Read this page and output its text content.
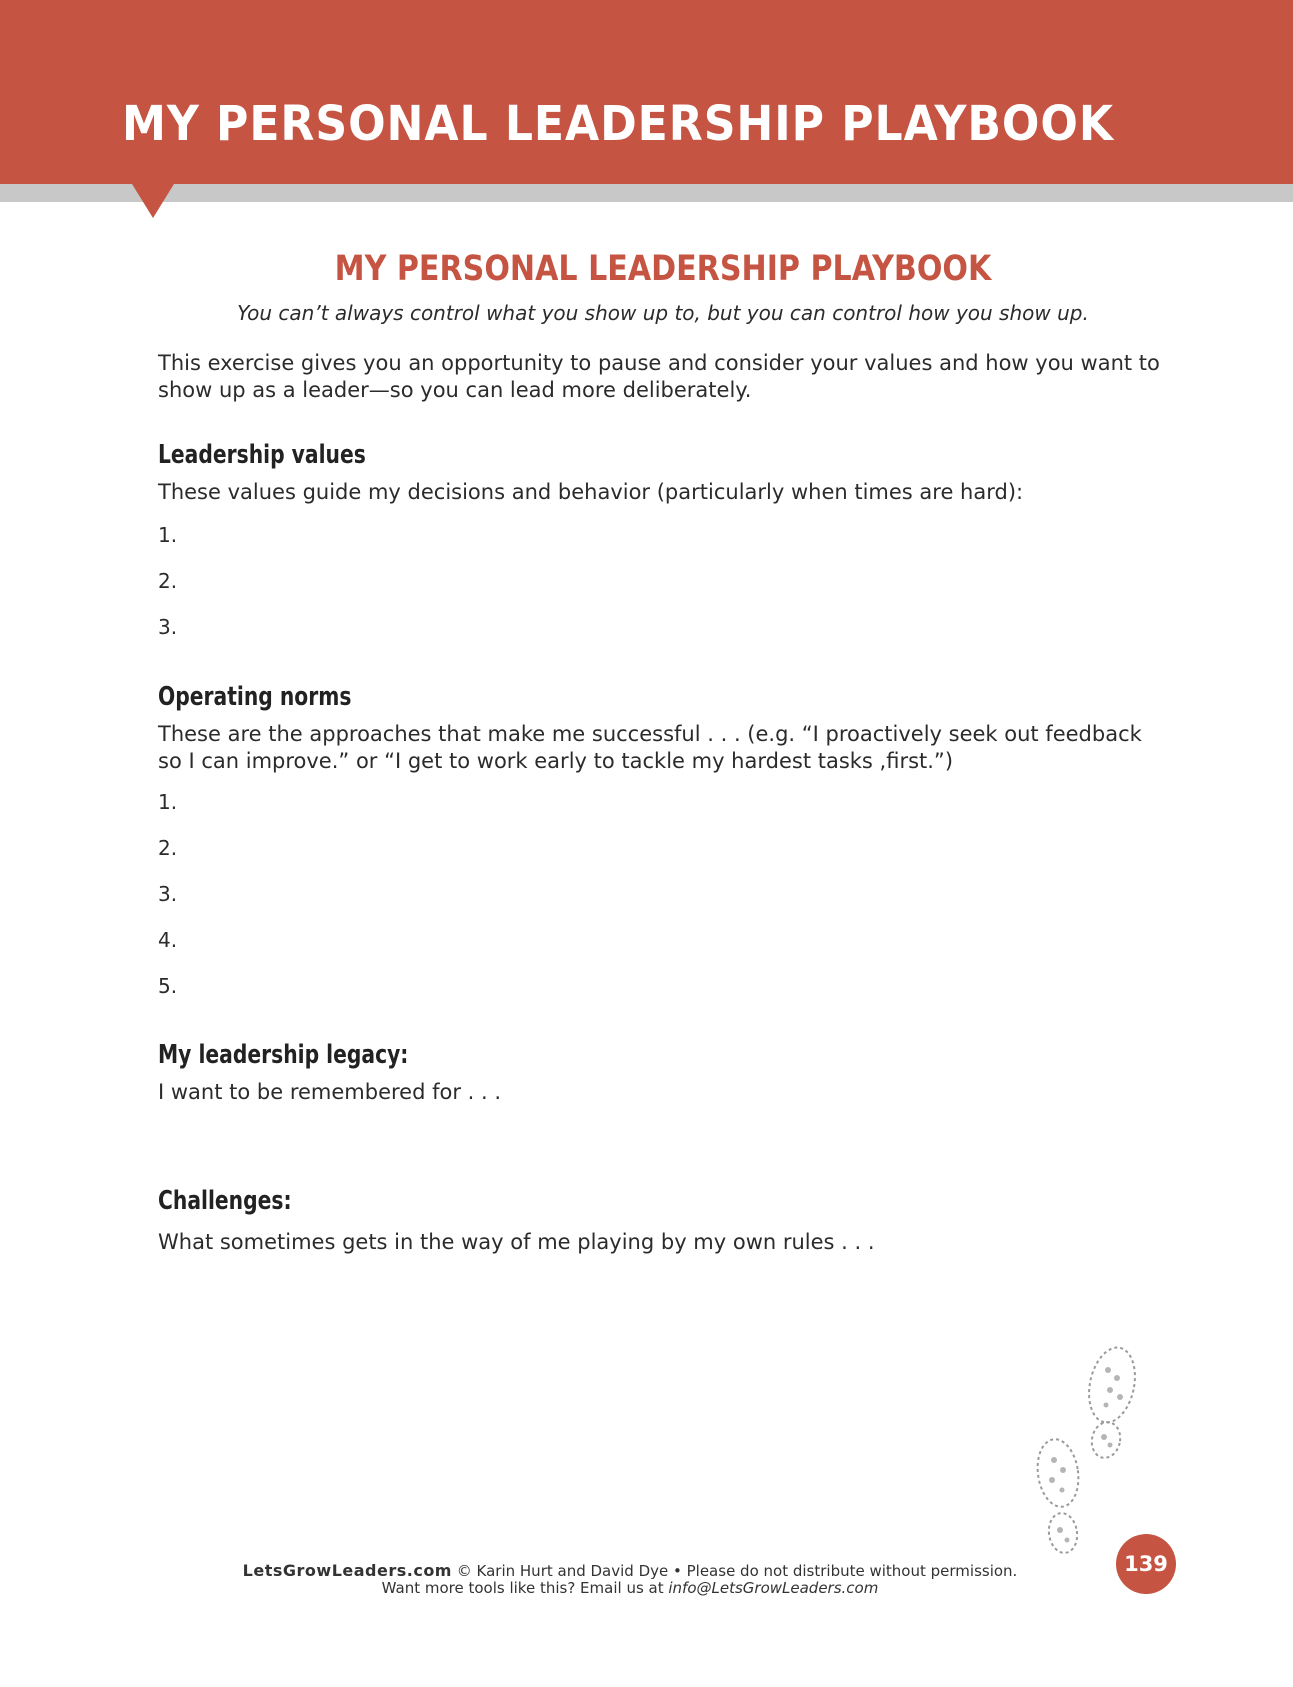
MY PERSONAL LEADERSHIP PLAYBOOK
MY PERSONAL LEADERSHIP PLAYBOOK

You can’t always control what you show up to, but you can control how you show up.

This exercise gives you an opportunity to pause and consider your values and how you want to show up as a leader—so you can lead more deliberately.

Leadership values

These values guide my decisions and behavior (particularly when times are hard):

1.
2.
3.
Operating norms

These are the approaches that make me successful . . . (e.g. “I proactively seek out feedback so I can improve.” or “I get to work early to tackle my hardest tasks ,first.”)

1.
2.
3.
4.
5.
My leadership legacy:

I want to be remembered for . . .

Challenges:

What sometimes gets in the way of me playing by my own rules . . .

LetsGrowLeaders.com © Karin Hurt and David Dye • Please do not distribute without permission.
Want more tools like this? Email us at info@LetsGrowLeaders.com
139
